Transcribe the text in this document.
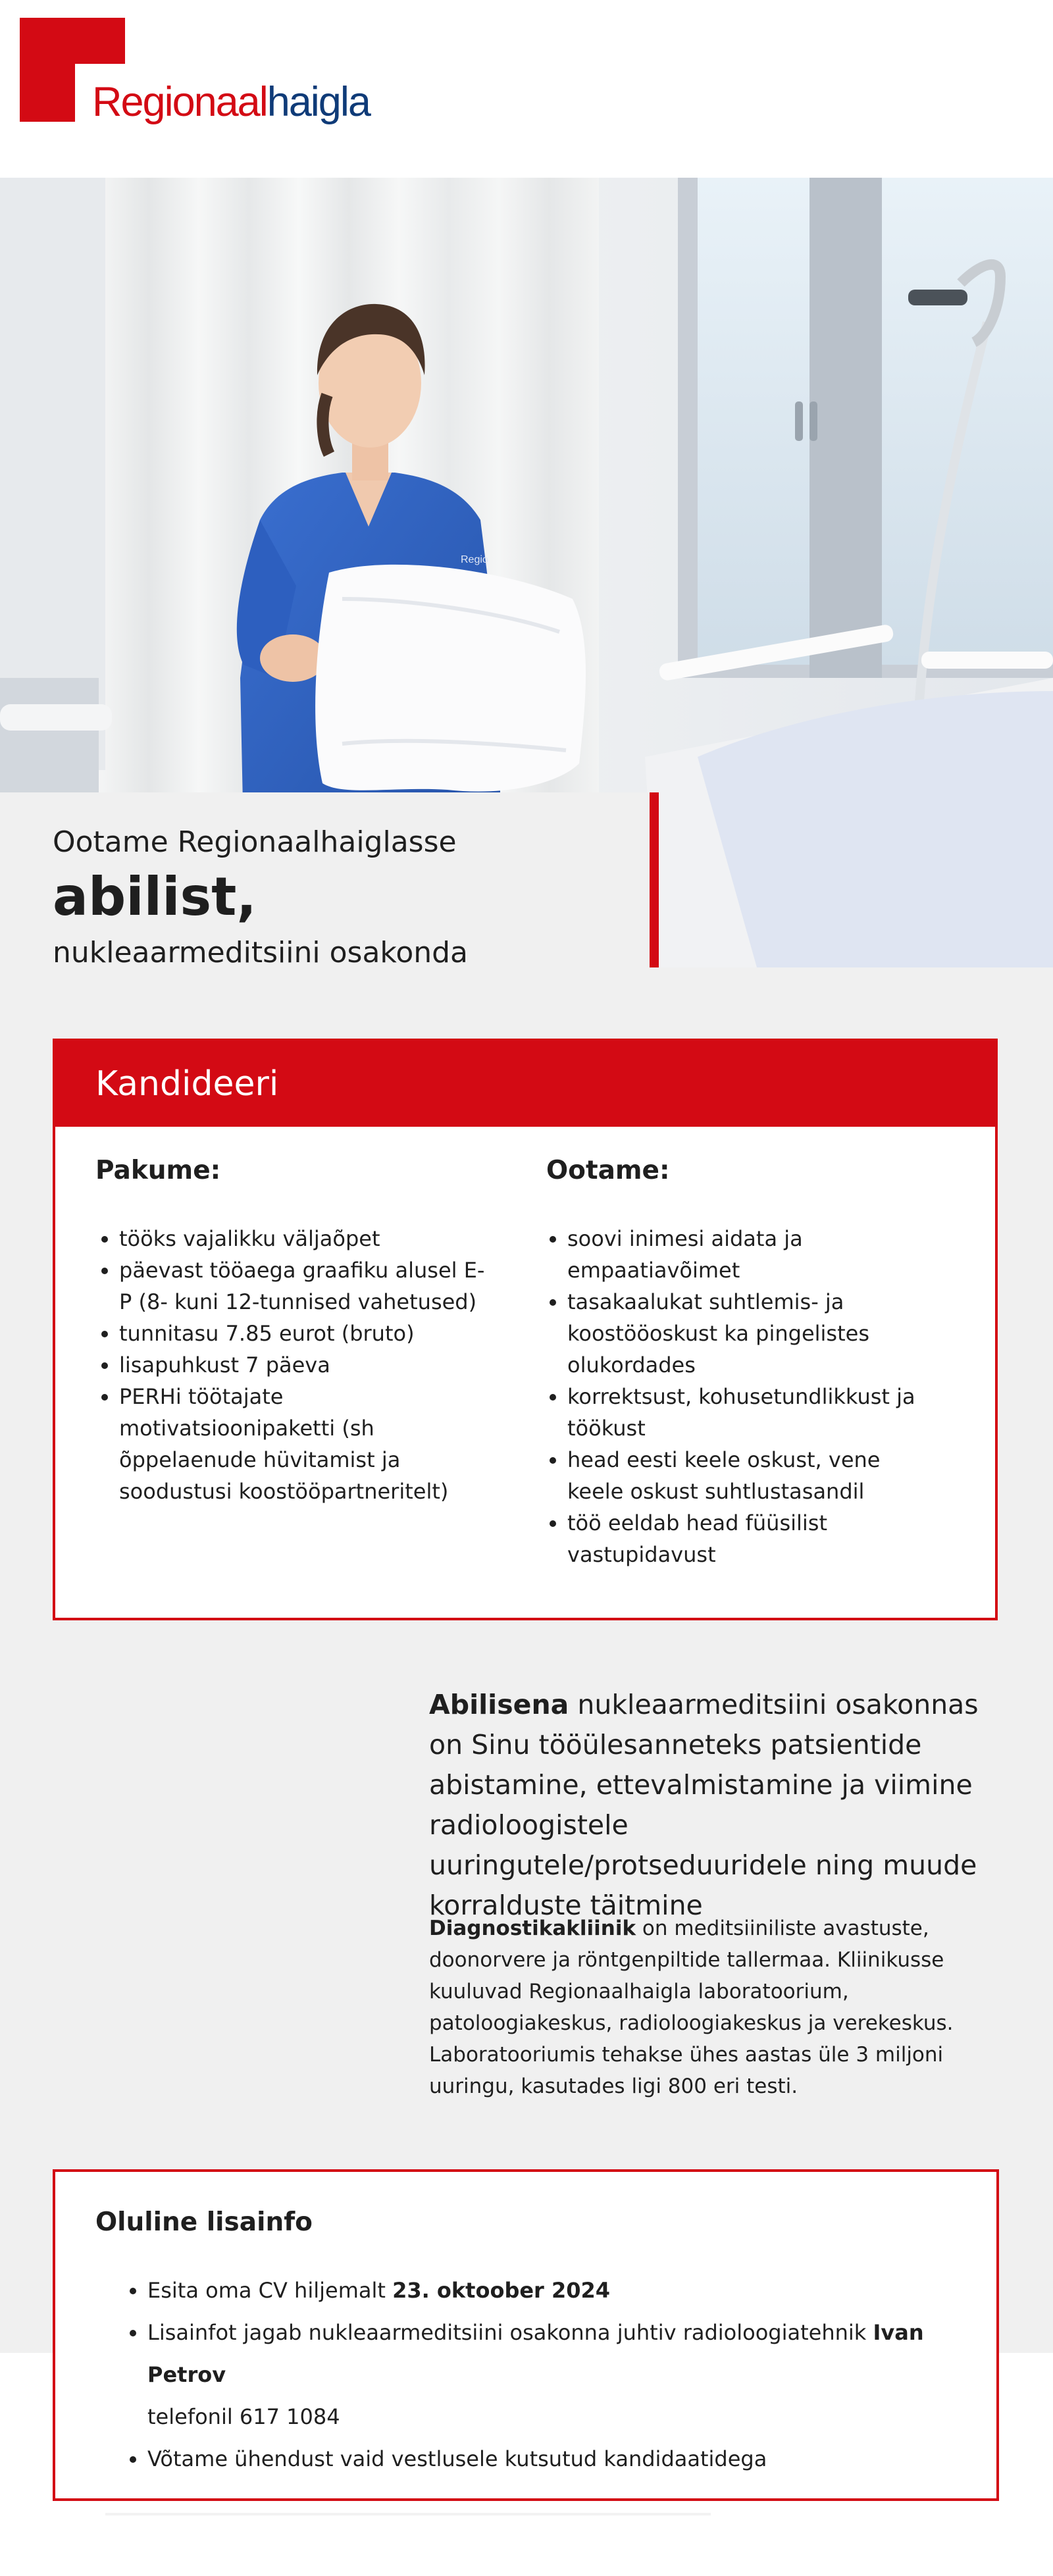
Regionaalhaigla
Regio
Ootame Regionaalhaiglasse
abilist,
nukleaarmeditsiini osakonda
Kandideeri
Pakume:
• tööks vajalikku väljaõpet
• päevast tööaega graafiku alusel E-P (8- kuni 12-tunnised vahetused)
• tunnitasu 7.85 eurot (bruto)
• lisapuhkust 7 päeva
• PERHi töötajate motivatsioonipaketti (sh õppelaenude hüvitamist ja soodustusi koostööpartneritelt)
Ootame:
• soovi inimesi aidata ja empaatiavõimet
• tasakaalukat suhtlemis- ja koostööoskust ka pingelistes olukordades
• korrektsust, kohusetundlikkust ja töökust
• head eesti keele oskust, vene keele oskust suhtlustasandil
• töö eeldab head füüsilist vastupidavust
Abilisena nukleaarmeditsiini osakonnas on Sinu tööülesanneteks patsientide abistamine, ettevalmistamine ja viimine radioloogistele uuringutele/protseduuridele ning muude korralduste täitmine
Diagnostikakliinik on meditsiiniliste avastuste, doonorvere ja röntgenpiltide tallermaa. Kliinikusse kuuluvad Regionaalhaigla laboratoorium, patoloogiakeskus, radioloogiakeskus ja verekeskus. Laboratooriumis tehakse ühes aastas üle 3 miljoni uuringu, kasutades ligi 800 eri testi.
Oluline lisainfo
• Esita oma CV hiljemalt 23. oktoober 2024
• Lisainfot jagab nukleaarmeditsiini osakonna juhtiv radioloogiatehnik Ivan Petrov
telefonil 617 1084
• Võtame ühendust vaid vestlusele kutsutud kandidaatidega
